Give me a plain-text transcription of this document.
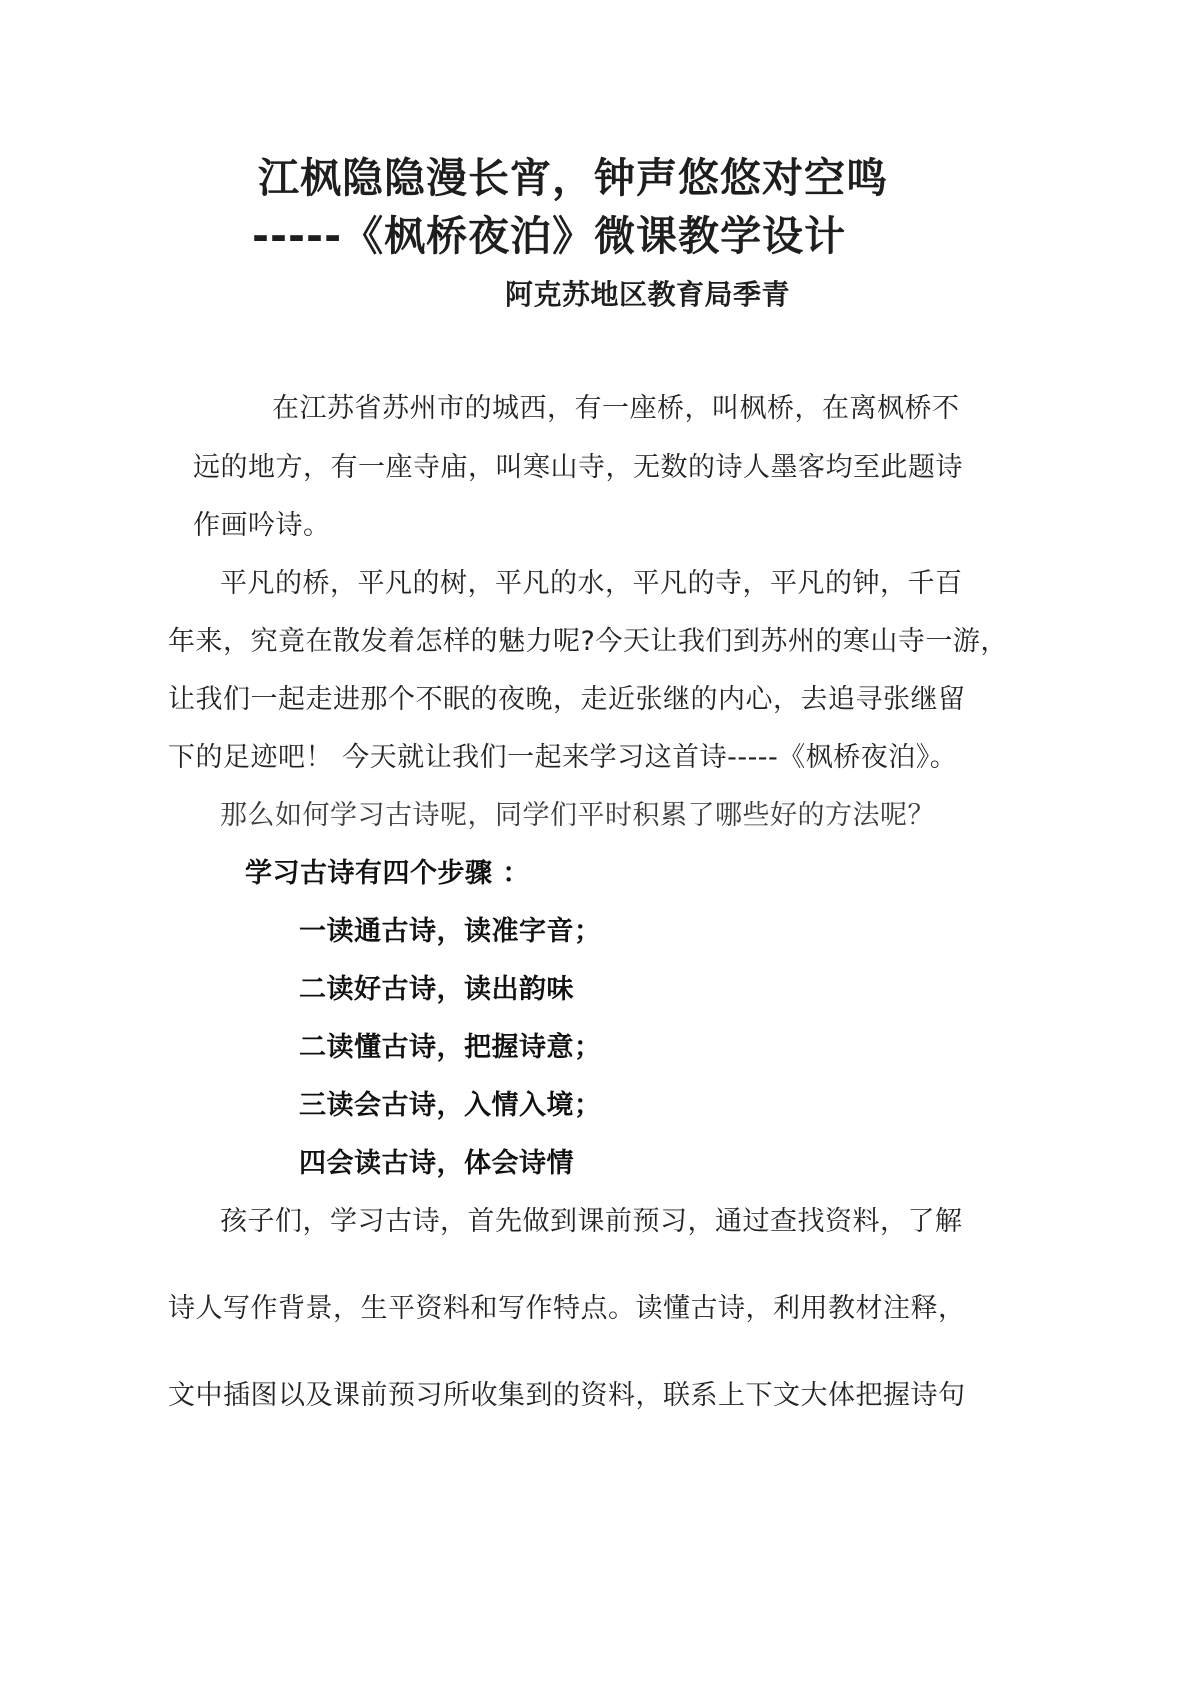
江枫隐隐漫长宵，钟声悠悠对空鸣
-----《枫桥夜泊》微课教学设计
阿克苏地区教育局季青
在江苏省苏州市的城西，有一座桥，叫枫桥，在离枫桥不
远的地方，有一座寺庙，叫寒山寺，无数的诗人墨客均至此题诗
作画吟诗。
平凡的桥，平凡的树，平凡的水，平凡的寺，平凡的钟，千百
年来，究竟在散发着怎样的魅力呢?今天让我们到苏州的寒山寺一游，
让我们一起走进那个不眠的夜晚，走近张继的内心，去追寻张继留
下的足迹吧！ 今天就让我们一起来学习这首诗-----《枫桥夜泊》。
那么如何学习古诗呢，同学们平时积累了哪些好的方法呢？
学习古诗有四个步骤 ：
一读通古诗，读准字音；
二读好古诗，读出韵味
二读懂古诗，把握诗意；
三读会古诗，入情入境；
四会读古诗，体会诗情
孩子们，学习古诗，首先做到课前预习，通过查找资料，了解
诗人写作背景，生平资料和写作特点。读懂古诗，利用教材注释，
文中插图以及课前预习所收集到的资料，联系上下文大体把握诗句
